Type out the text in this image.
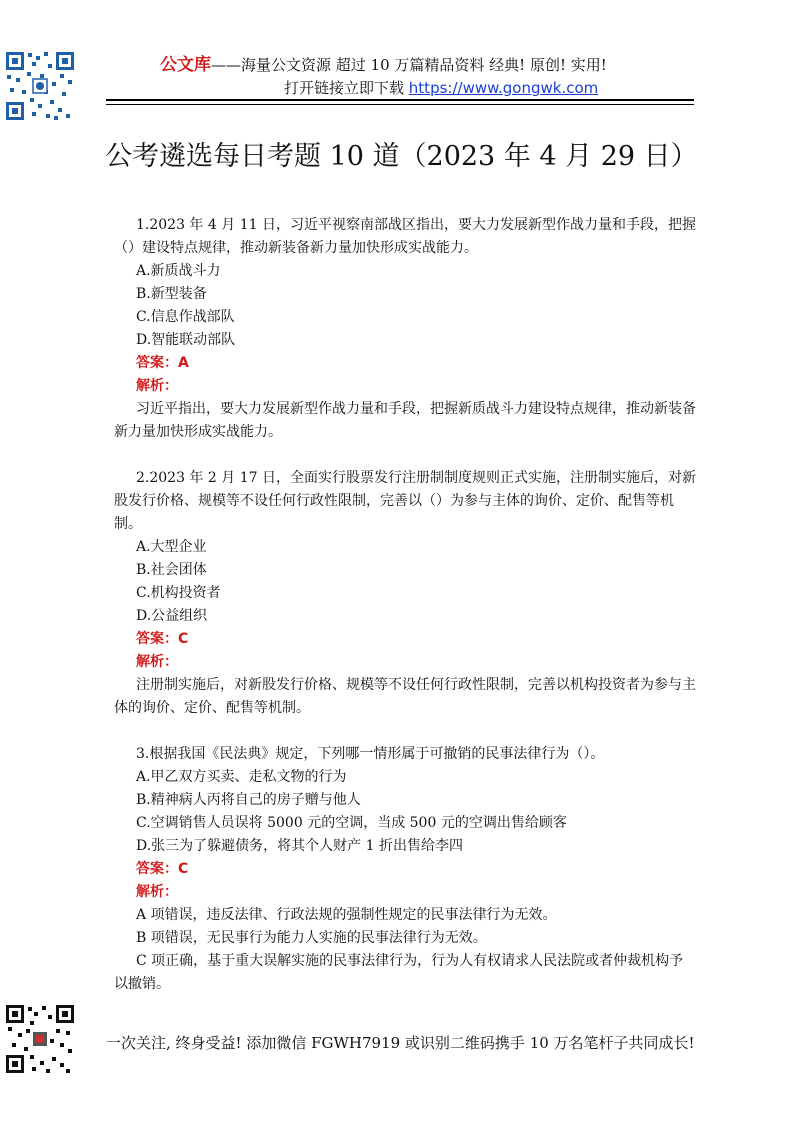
公文库——海量公文资源 超过 10 万篇精品资料 经典! 原创! 实用!
打开链接立即下载 https://www.gongwk.com
公考遴选每日考题 10 道（2023 年 4 月 29 日）

1.2023 年 4 月 11 日，习近平视察南部战区指出，要大力发展新型作战力量和手段，把握（）建设特点规律，推动新装备新力量加快形成实战能力。

A.新质战斗力

B.新型装备

C.信息作战部队

D.智能联动部队

答案：A

解析：

习近平指出，要大力发展新型作战力量和手段，把握新质战斗力建设特点规律，推动新装备新力量加快形成实战能力。

2.2023 年 2 月 17 日，全面实行股票发行注册制制度规则正式实施，注册制实施后，对新股发行价格、规模等不设任何行政性限制，完善以（）为参与主体的询价、定价、配售等机制。

A.大型企业

B.社会团体

C.机构投资者

D.公益组织

答案：C

解析：

注册制实施后，对新股发行价格、规模等不设任何行政性限制，完善以机构投资者为参与主体的询价、定价、配售等机制。

3.根据我国《民法典》规定，下列哪一情形属于可撤销的民事法律行为（）。

A.甲乙双方买卖、走私文物的行为

B.精神病人丙将自己的房子赠与他人

C.空调销售人员误将 5000 元的空调，当成 500 元的空调出售给顾客

D.张三为了躲避债务，将其个人财产 1 折出售给李四

答案：C

解析：

A 项错误，违反法律、行政法规的强制性规定的民事法律行为无效。

B 项错误，无民事行为能力人实施的民事法律行为无效。

C 项正确，基于重大误解实施的民事法律行为，行为人有权请求人民法院或者仲裁机构予以撤销。

一次关注, 终身受益! 添加微信 FGWH7919 或识别二维码携手 10 万名笔杆子共同成长!
